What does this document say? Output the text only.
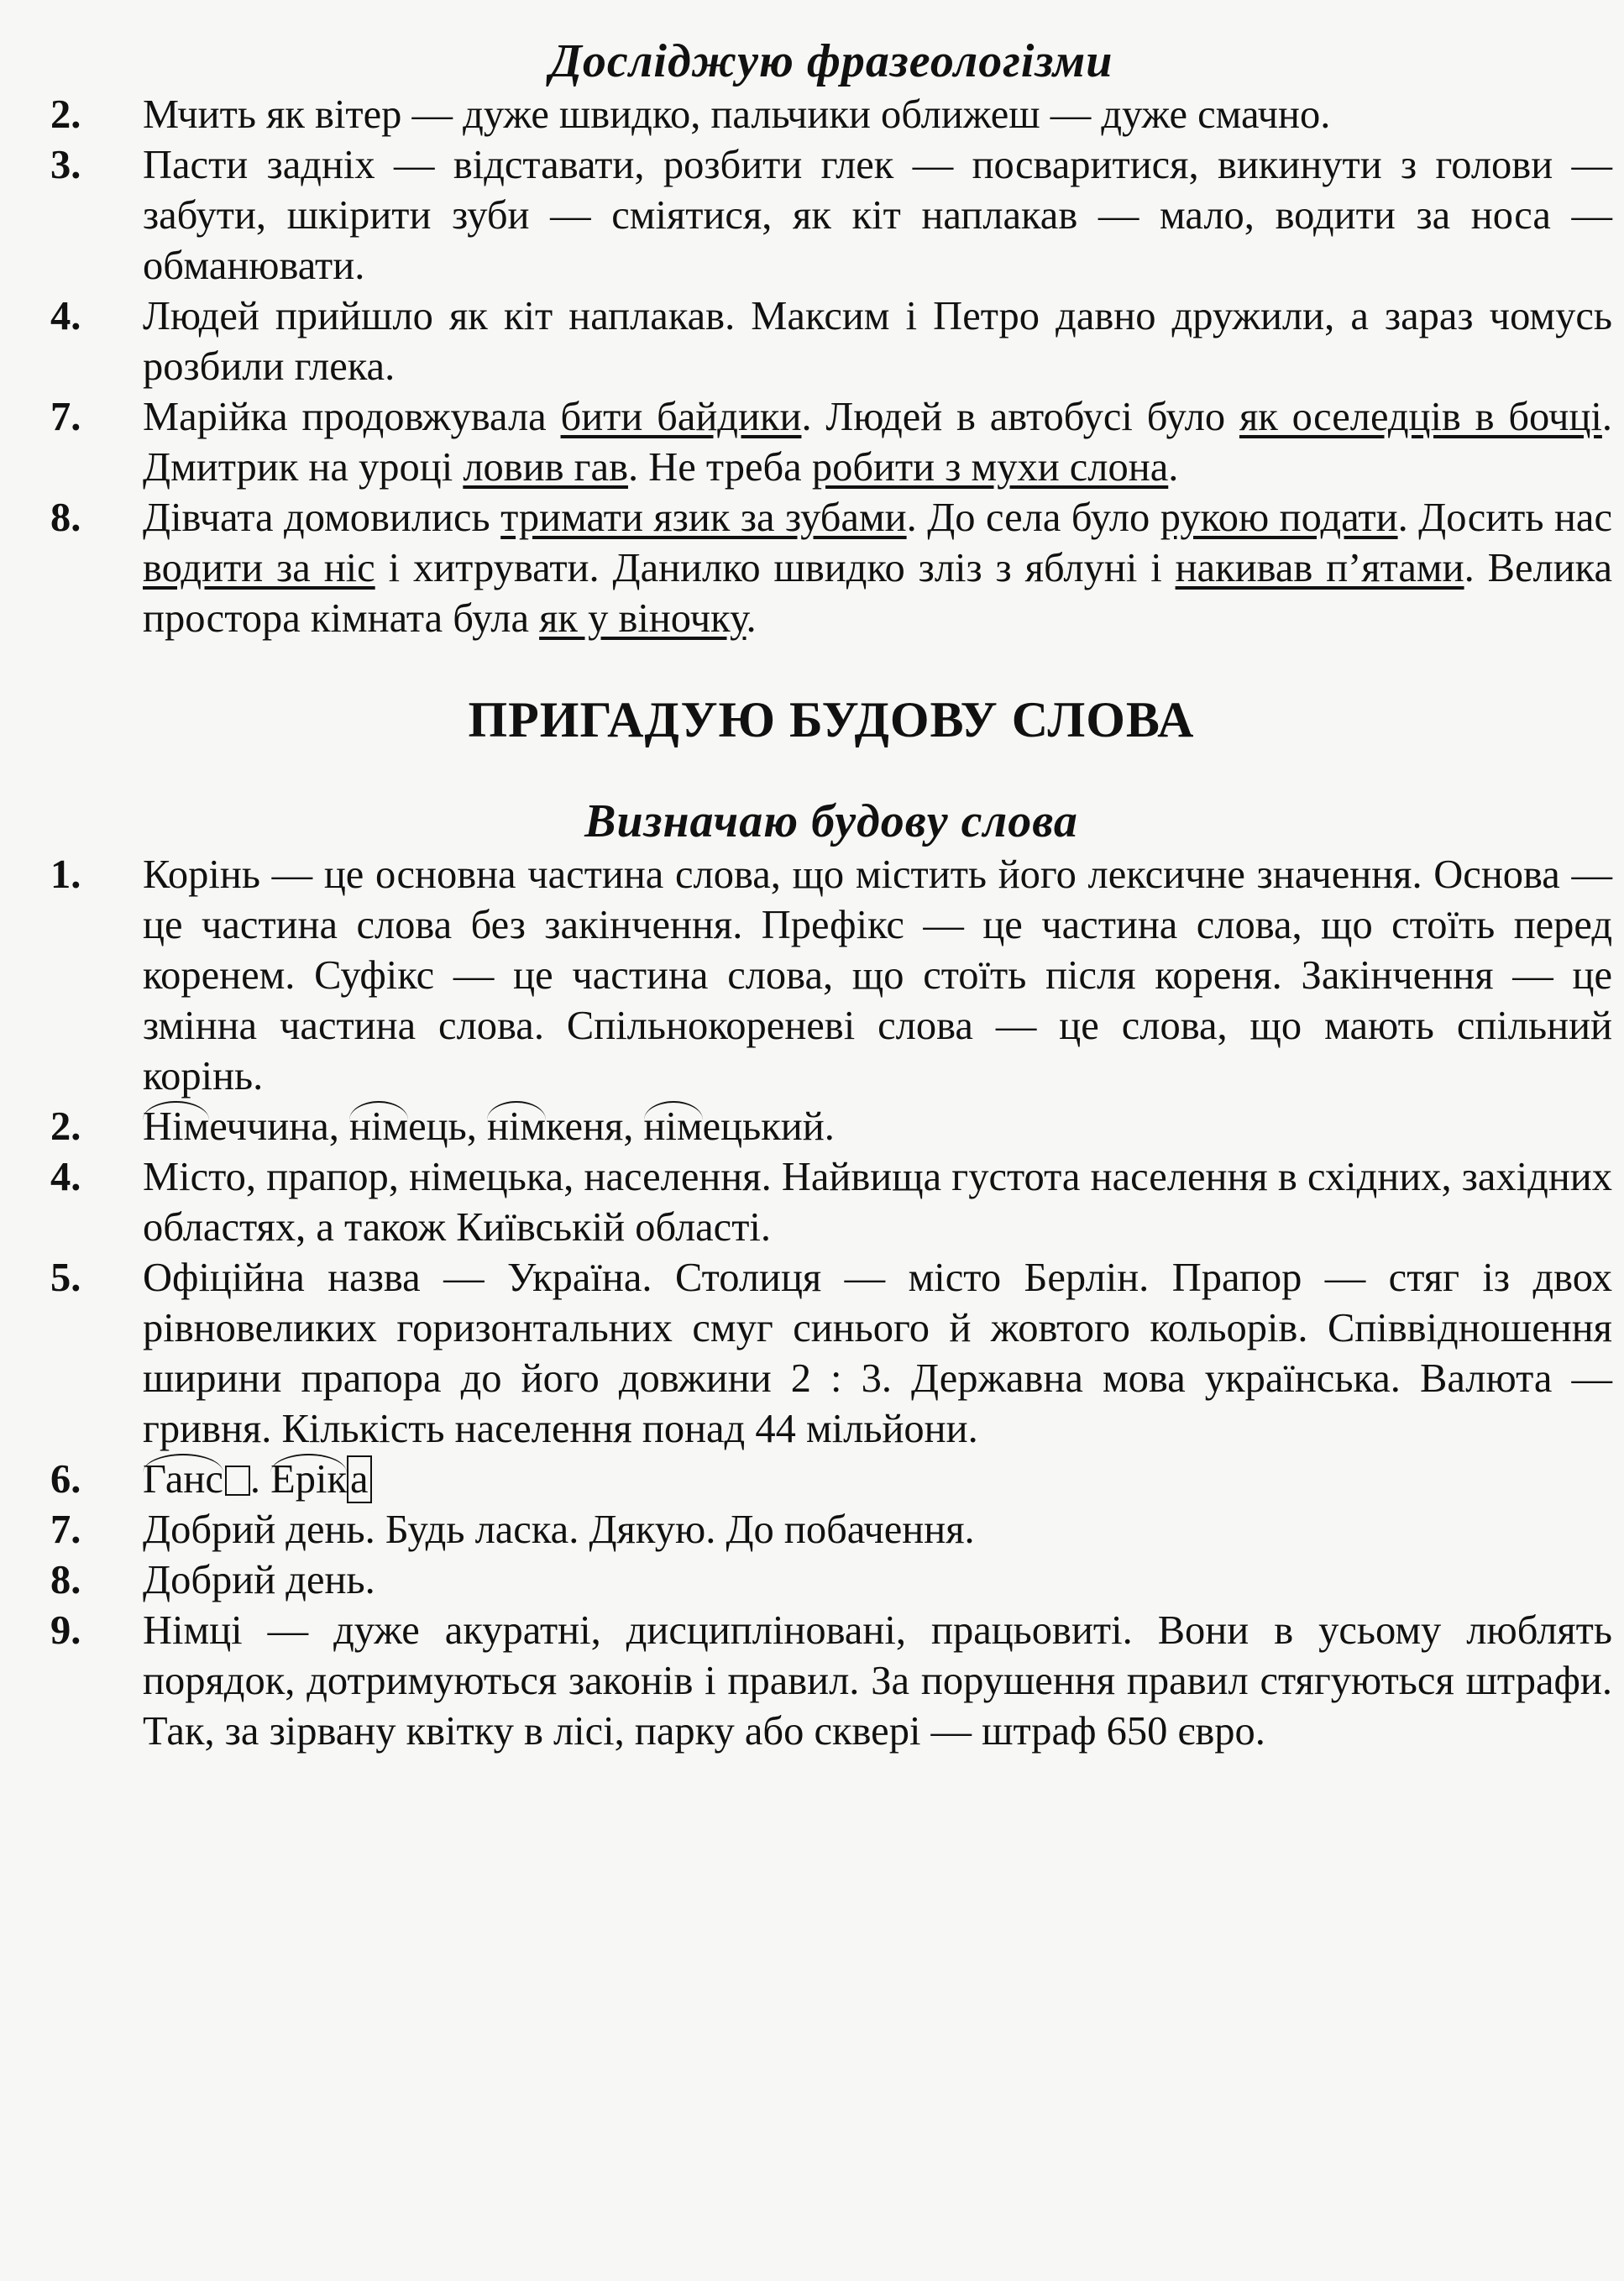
Досліджую фразеологізми
2.	Мчить як вітер — дуже швидко, пальчики оближеш — дуже смачно.
3.	Пасти задніх — відставати, розбити глек — посваритися, викинути з голови — забути, шкірити зуби — сміятися, як кіт наплакав — мало, водити за носа — обманювати.
4.	Людей прийшло як кіт наплакав. Максим і Петро давно дружили, а зараз чомусь розбили глека.
7.	Марійка продовжувала бити байдики. Людей в автобусі було як оселедців в бочці. Дмитрик на уроці ловив гав. Не треба робити з мухи слона.
8.	Дівчата домовились тримати язик за зубами. До села було рукою подати. Досить нас водити за ніс і хитрувати. Данилко швидко зліз з яблуні і накивав п’ятами. Велика простора кімната була як у віночку.
ПРИГАДУЮ БУДОВУ СЛОВА
Визначаю будову слова
1.	Корінь — це основна частина слова, що містить його лексичне значення. Основа — це частина слова без закінчення. Префікс — це частина слова, що стоїть перед коренем. Суфікс — це частина слова, що стоїть після кореня. Закінчення — це змінна частина слова. Спільнокореневі слова — це слова, що мають спільний корінь.
2.	Німеччина, німець, німкеня, німецький.
4.	Місто, прапор, німецька, населення. Найвища густота населення в східних, західних областях, а також Київській області.
5.	Офіційна назва — Україна. Столиця — місто Берлін. Прапор — стяг із двох рівновеликих горизонтальних смуг синього й жовтого кольорів. Співвідношення ширини прапора до його довжини 2 : 3. Державна мова українська. Валюта — гривня. Кількість населення понад 44 мільйони.
6.	Ганс . Еріка
7.	Добрий день. Будь ласка. Дякую. До побачення.
8.	Добрий день.
9.	Німці — дуже акуратні, дисципліновані, працьовиті. Вони в усьому люблять порядок, дотримуються законів і правил. За порушення правил стягуються штрафи. Так, за зірвану квітку в лісі, парку або сквері — штраф 650 євро.
